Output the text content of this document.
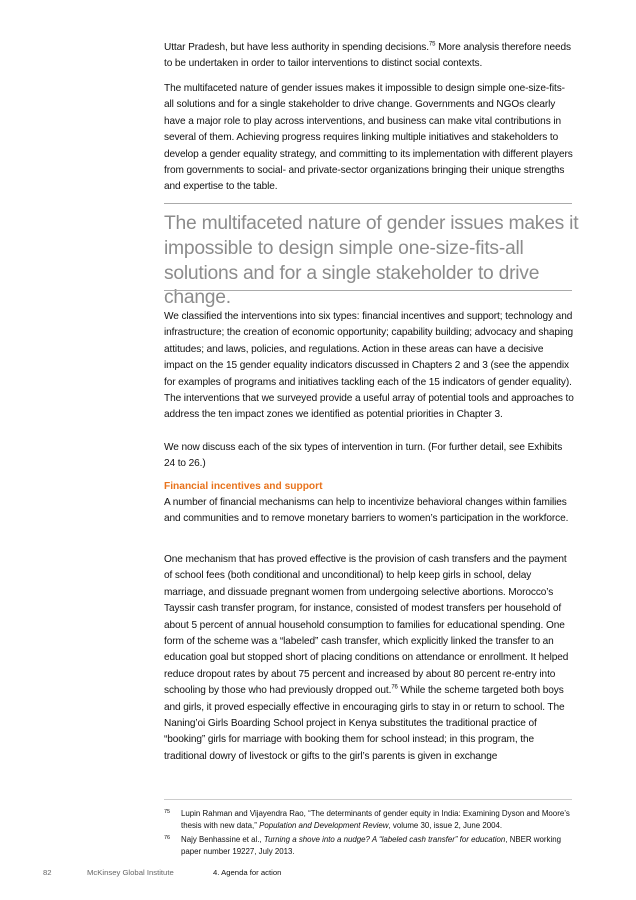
Uttar Pradesh, but have less authority in spending decisions.$^{75}$ More analysis therefore needs to be undertaken in order to tailor interventions to distinct social contexts.

The multifaceted nature of gender issues makes it impossible to design simple one-size-fits-all solutions and for a single stakeholder to drive change. Governments and NGOs clearly have a major role to play across interventions, and business can make vital contributions in several of them. Achieving progress requires linking multiple initiatives and stakeholders to develop a gender equality strategy, and committing to its implementation with different players from governments to social- and private-sector organizations bringing their unique strengths and expertise to the table.

The multifaceted nature of gender issues makes it impossible to design simple one-size-fits-all solutions and for a single stakeholder to drive change.

We classified the interventions into six types: financial incentives and support; technology and infrastructure; the creation of economic opportunity; capability building; advocacy and shaping attitudes; and laws, policies, and regulations. Action in these areas can have a decisive impact on the 15 gender equality indicators discussed in Chapters 2 and 3 (see the appendix for examples of programs and initiatives tackling each of the 15 indicators of gender equality). The interventions that we surveyed provide a useful array of potential tools and approaches to address the ten impact zones we identified as potential priorities in Chapter 3.

We now discuss each of the six types of intervention in turn. (For further detail, see Exhibits 24 to 26.)

Financial incentives and support

A number of financial mechanisms can help to incentivize behavioral changes within families and communities and to remove monetary barriers to women’s participation in the workforce.

One mechanism that has proved effective is the provision of cash transfers and the payment of school fees (both conditional and unconditional) to help keep girls in school, delay marriage, and dissuade pregnant women from undergoing selective abortions. Morocco’s Tayssir cash transfer program, for instance, consisted of modest transfers per household of about 5 percent of annual household consumption to families for educational spending. One form of the scheme was a “labeled” cash transfer, which explicitly linked the transfer to an education goal but stopped short of placing conditions on attendance or enrollment. It helped reduce dropout rates by about 75 percent and increased by about 80 percent re-entry into schooling by those who had previously dropped out.$^{76}$ While the scheme targeted both boys and girls, it proved especially effective in encouraging girls to stay in or return to school. The Naning’oi Girls Boarding School project in Kenya substitutes the traditional practice of “booking” girls for marriage with booking them for school instead; in this program, the traditional dowry of livestock or gifts to the girl’s parents is given in exchange

75 Lupin Rahman and Vijayendra Rao, “The determinants of gender equity in India: Examining Dyson and Moore’s thesis with new data,” Population and Development Review, volume 30, issue 2, June 2004.
76 Najy Benhassine et al., Turning a shove into a nudge? A “labeled cash transfer” for education, NBER working paper number 19227, July 2013.
82	McKinsey Global Institute	4. Agenda for action
